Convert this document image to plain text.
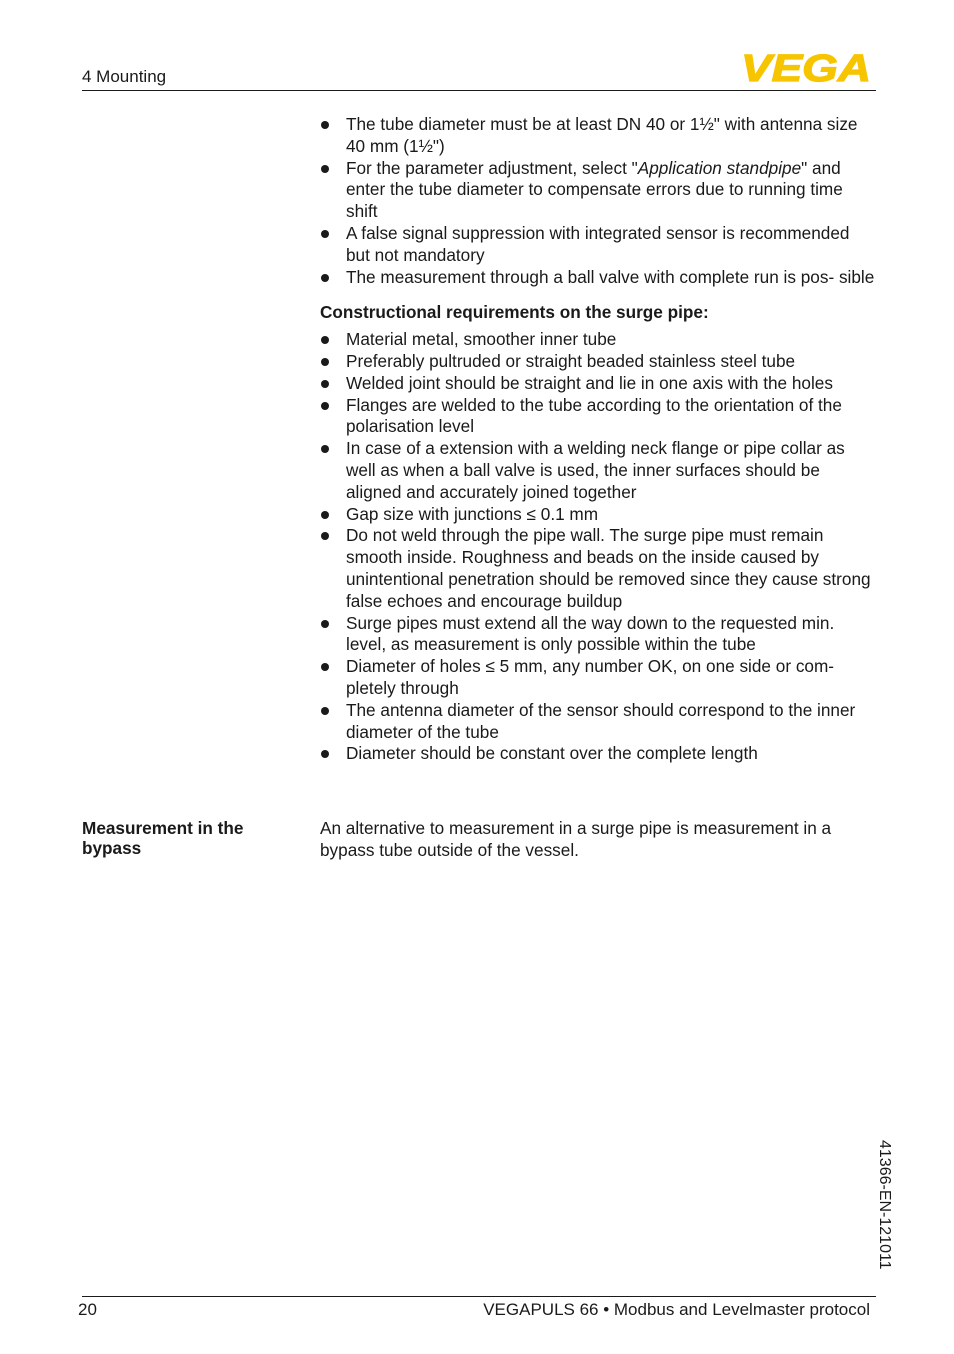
4 Mounting	VEGA
The tube diameter must be at least DN 40 or 1½" with antenna size 40 mm (1½")
For the parameter adjustment, select "Application standpipe" and enter the tube diameter to compensate errors due to running time shift
A false signal suppression with integrated sensor is recommended but not mandatory
The measurement through a ball valve with complete run is pos- sible
Constructional requirements on the surge pipe:
Material metal, smoother inner tube
Preferably pultruded or straight beaded stainless steel tube
Welded joint should be straight and lie in one axis with the holes
Flanges are welded to the tube according to the orientation of the polarisation level
In case of a extension with a welding neck flange or pipe collar as well as when a ball valve is used, the inner surfaces should be aligned and accurately joined together
Gap size with junctions ≤ 0.1 mm
Do not weld through the pipe wall. The surge pipe must remain smooth inside. Roughness and beads on the inside caused by unintentional penetration should be removed since they cause strong false echoes and encourage buildup
Surge pipes must extend all the way down to the requested min. level, as measurement is only possible within the tube
Diameter of holes ≤ 5 mm, any number OK, on one side or com- pletely through
The antenna diameter of the sensor should correspond to the inner diameter of the tube
Diameter should be constant over the complete length
Measurement in the bypass
An alternative to measurement in a surge pipe is measurement in a bypass tube outside of the vessel.
41366-EN-121011
20	VEGAPULS 66 • Modbus and Levelmaster protocol
